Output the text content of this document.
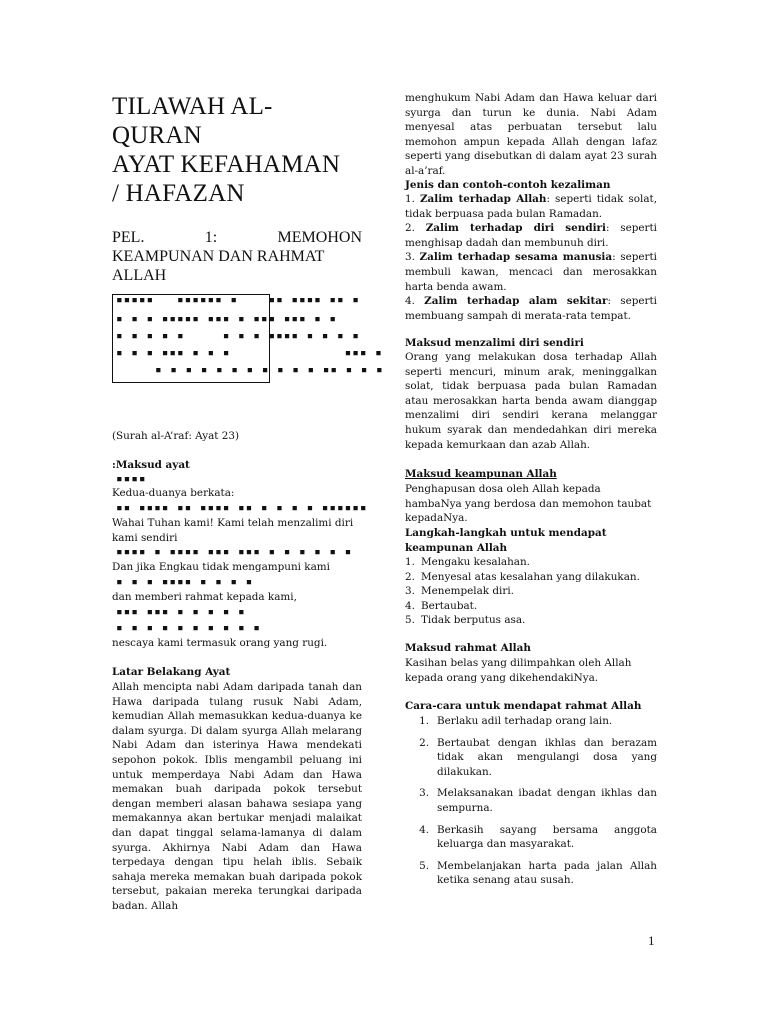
TILAWAH AL-
QURAN
AYAT KEFAHAMAN
/ HAFAZAN
PEL. 1: MEMOHON
KEAMPUNAN DAN RAHMAT
ALLAH
▪▪▪▪▪   ▪▪▪▪▪▪ ▪    ▪▪ ▪▪▪▪ ▪▪ ▪
▪ ▪ ▪ ▪▪▪▪▪ ▪▪▪ ▪ ▪▪▪ ▪▪▪ ▪ ▪
▪ ▪ ▪ ▪ ▪     ▪ ▪ ▪ ▪▪▪▪ ▪ ▪ ▪ ▪
▪ ▪ ▪ ▪▪▪ ▪ ▪ ▪               ▪▪▪ ▪
▪ ▪ ▪ ▪ ▪ ▪ ▪ ▪ ▪ ▪ ▪ ▪▪ ▪ ▪ ▪
(Surah al-A’raf: Ayat 23)
:Maksud ayat
▪▪▪▪
Kedua-duanya berkata:
▪▪ ▪▪▪▪ ▪▪ ▪▪▪▪ ▪▪ ▪ ▪ ▪ ▪ ▪▪▪▪▪▪
Wahai Tuhan kami! Kami telah menzalimi diri kami sendiri
▪▪▪▪ ▪ ▪▪▪▪ ▪▪▪ ▪▪▪ ▪ ▪ ▪ ▪ ▪ ▪
Dan jika Engkau tidak mengampuni kami
▪ ▪ ▪ ▪▪▪▪ ▪ ▪ ▪ ▪
dan memberi rahmat kepada kami,
▪▪▪ ▪▪▪ ▪ ▪ ▪ ▪ ▪
▪ ▪ ▪ ▪ ▪ ▪ ▪ ▪ ▪ ▪
nescaya kami termasuk orang yang rugi.
Latar Belakang Ayat
Allah mencipta nabi Adam daripada tanah dan Hawa daripada tulang rusuk Nabi Adam, kemudian Allah memasukkan kedua-duanya ke dalam syurga. Di dalam syurga Allah melarang Nabi Adam dan isterinya Hawa mendekati sepohon pokok. Iblis mengambil peluang ini untuk memperdaya Nabi Adam dan Hawa memakan buah daripada pokok tersebut dengan memberi alasan bahawa sesiapa yang memakannya akan bertukar menjadi malaikat dan dapat tinggal selama-lamanya di dalam syurga. Akhirnya Nabi Adam dan Hawa terpedaya dengan tipu helah iblis. Sebaik sahaja mereka memakan buah daripada pokok tersebut, pakaian mereka terungkai daripada badan. Allah
menghukum Nabi Adam dan Hawa keluar dari syurga dan turun ke dunia. Nabi Adam menyesal atas perbuatan tersebut lalu memohon ampun kepada Allah dengan lafaz seperti yang disebutkan di dalam ayat 23 surah al-a’raf.
Jenis dan contoh-contoh kezaliman
1. Zalim terhadap Allah: seperti tidak solat, tidak berpuasa pada bulan Ramadan.
2. Zalim terhadap diri sendiri: seperti menghisap dadah dan membunuh diri.
3. Zalim terhadap sesama manusia: seperti membuli kawan, mencaci dan merosakkan harta benda awam.
4. Zalim terhadap alam sekitar: seperti membuang sampah di merata-rata tempat.
Maksud menzalimi diri sendiri
Orang yang melakukan dosa terhadap Allah seperti mencuri, minum arak, meninggalkan solat, tidak berpuasa pada bulan Ramadan atau merosakkan harta benda awam dianggap menzalimi diri sendiri kerana melanggar hukum syarak dan mendedahkan diri mereka kepada kemurkaan dan azab Allah.
Maksud keampunan Allah
Penghapusan dosa oleh Allah kepada hambaNya yang berdosa dan memohon taubat kepadaNya.
Langkah-langkah untuk mendapat keampunan Allah
1. Mengaku kesalahan.
2. Menyesal atas kesalahan yang dilakukan.
3. Menempelak diri.
4. Bertaubat.
5. Tidak berputus asa.
Maksud rahmat Allah
Kasihan belas yang dilimpahkan oleh Allah kepada orang yang dikehendakiNya.
Cara-cara untuk mendapat rahmat Allah
1. Berlaku adil terhadap orang lain.
2. Bertaubat dengan ikhlas dan berazam tidak akan mengulangi dosa yang dilakukan.
3. Melaksanakan ibadat dengan ikhlas dan sempurna.
4. Berkasih sayang bersama anggota keluarga dan masyarakat.
5. Membelanjakan harta pada jalan Allah ketika senang atau susah.
1
